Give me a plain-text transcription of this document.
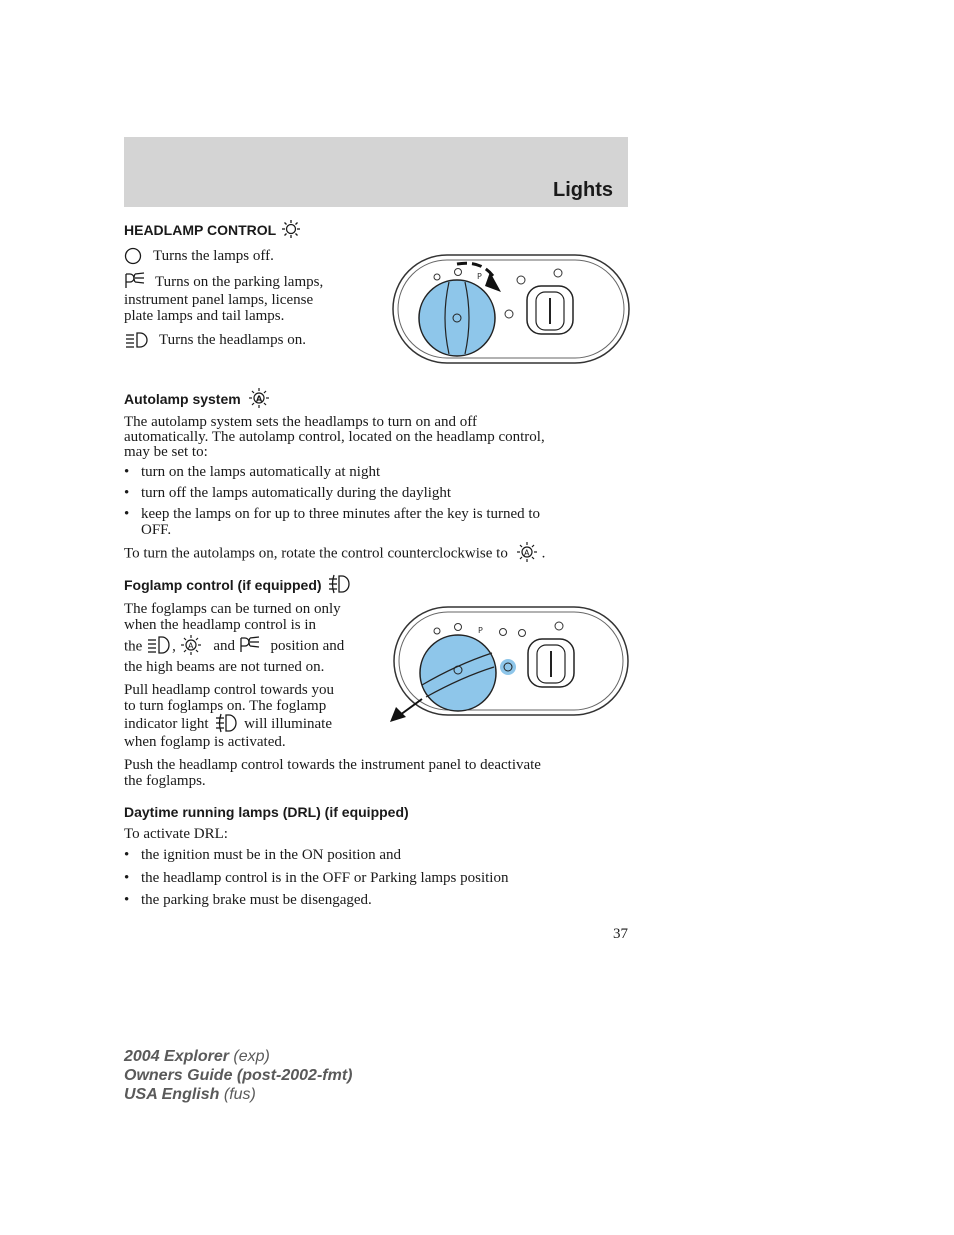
Lights
HEADLAMP CONTROL
Turns the lamps off.
Turns on the parking lamps,
instrument panel lamps, license
plate lamps and tail lamps.
Turns the headlamps on.
P
Autolamp system A
The autolamp system sets the headlamps to turn on and off
automatically. The autolamp control, located on the headlamp control,
may be set to:
• turn on the lamps automatically at night
• turn off the lamps automatically during the daylight
• keep the lamps on for up to three minutes after the key is turned to
OFF.
To turn the autolamps on, rotate the control counterclockwise to A .
Foglamp control (if equipped)
The foglamps can be turned on only
when the headlamp control is in
the , A and position and
the high beams are not turned on.
Pull headlamp control towards you
to turn foglamps on. The foglamp
indicator light will illuminate
when foglamp is activated.
P
Push the headlamp control towards the instrument panel to deactivate
the foglamps.
Daytime running lamps (DRL) (if equipped)
To activate DRL:
• the ignition must be in the ON position and
• the headlamp control is in the OFF or Parking lamps position
• the parking brake must be disengaged.
37
2004 Explorer (exp)
Owners Guide (post-2002-fmt)
USA English (fus)
